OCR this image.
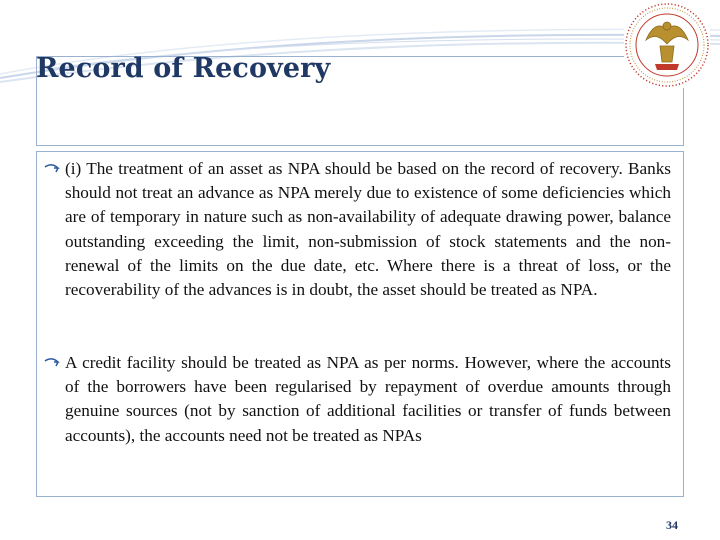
Record of Recovery

(i) The treatment of an asset as NPA should be based on the record of recovery. Banks should not treat an advance as NPA merely due to existence of some deficiencies which are of temporary in nature such as non-availability of adequate drawing power, balance outstanding exceeding the limit, non-submission of stock statements and the non-renewal of the limits on the due date, etc. Where there is a threat of loss, or the recoverability of the advances is in doubt, the asset should be treated as NPA.

A credit facility should be treated as NPA as per norms. However, where the accounts of the borrowers have been regularised by repayment of overdue amounts through genuine sources (not by sanction of additional facilities or transfer of funds between accounts), the accounts need not be treated as NPAs

34
